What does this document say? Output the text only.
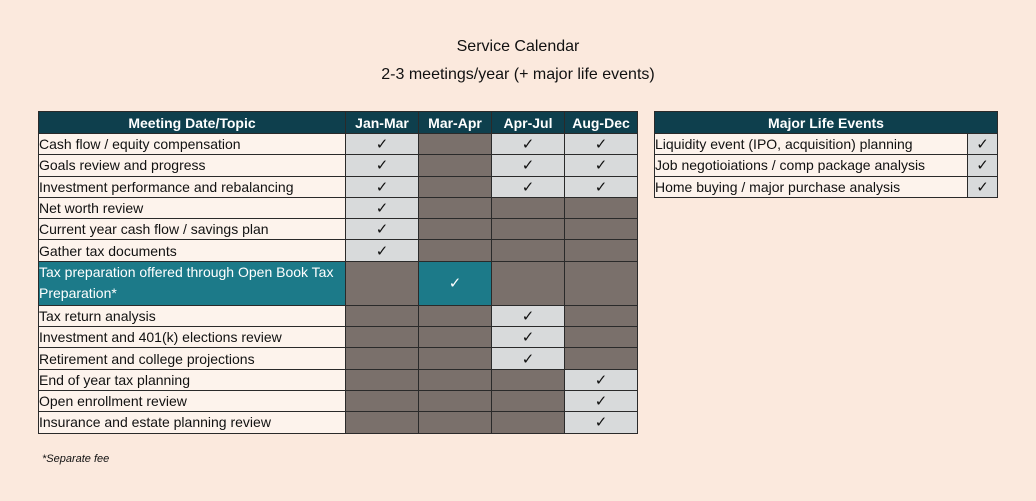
Service Calendar
2-3 meetings/year (+ major life events)
Meeting Date/Topic	Jan-Mar	Mar-Apr	Apr-Jul	Aug-Dec
Cash flow / equity compensation	✓		✓	✓
Goals review and progress	✓		✓	✓
Investment performance and rebalancing	✓		✓	✓
Net worth review	✓			
Current year cash flow / savings plan	✓			
Gather tax documents	✓			
Tax preparation offered through Open Book Tax Preparation*		✓		
Tax return analysis			✓	
Investment and 401(k) elections review			✓	
Retirement and college projections			✓	
End of year tax planning				✓
Open enrollment review				✓
Insurance and estate planning review				✓
Major Life Events	
Liquidity event (IPO, acquisition) planning	✓
Job negotioiations / comp package analysis	✓
Home buying / major purchase analysis	✓
*Separate fee
